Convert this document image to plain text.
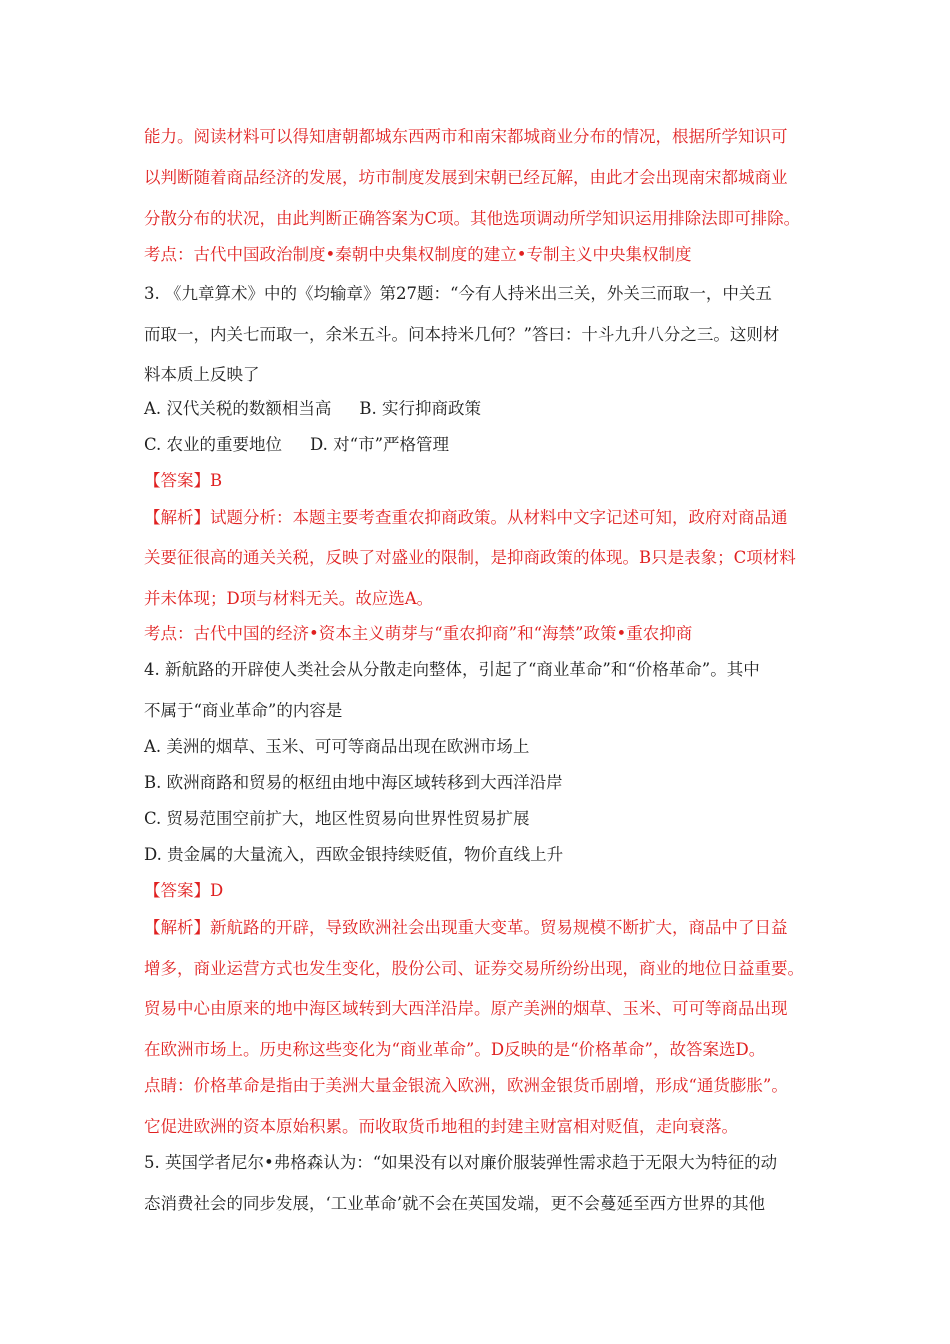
能力。阅读材料可以得知唐朝都城东西两市和南宋都城商业分布的情况，根据所学知识可
以判断随着商品经济的发展，坊市制度发展到宋朝已经瓦解，由此才会出现南宋都城商业
分散分布的状况，由此判断正确答案为C项。其他选项调动所学知识运用排除法即可排除。
考点：古代中国政治制度•秦朝中央集权制度的建立•专制主义中央集权制度
3. 《九章算术》中的《均输章》第27题：“今有人持米出三关，外关三而取一，中关五
而取一，内关七而取一，余米五斗。问本持米几何？”答曰：十斗九升八分之三。这则材
料本质上反映了
A. 汉代关税的数额相当高 B. 实行抑商政策
C. 农业的重要地位 D. 对“市”严格管理
【答案】B
【解析】试题分析：本题主要考查重农抑商政策。从材料中文字记述可知，政府对商品通
关要征很高的通关关税，反映了对盛业的限制，是抑商政策的体现。B只是表象；C项材料
并未体现；D项与材料无关。故应选A。
考点：古代中国的经济•资本主义萌芽与“重农抑商”和“海禁”政策•重农抑商
4. 新航路的开辟使人类社会从分散走向整体，引起了“商业革命”和“价格革命”。其中
不属于“商业革命”的内容是
A. 美洲的烟草、玉米、可可等商品出现在欧洲市场上
B. 欧洲商路和贸易的枢纽由地中海区域转移到大西洋沿岸
C. 贸易范围空前扩大，地区性贸易向世界性贸易扩展
D. 贵金属的大量流入，西欧金银持续贬值，物价直线上升
【答案】D
【解析】新航路的开辟，导致欧洲社会出现重大变革。贸易规模不断扩大，商品中了日益
增多，商业运营方式也发生变化，股份公司、证券交易所纷纷出现，商业的地位日益重要。
贸易中心由原来的地中海区域转到大西洋沿岸。原产美洲的烟草、玉米、可可等商品出现
在欧洲市场上。历史称这些变化为“商业革命”。D反映的是“价格革命”，故答案选D。
点睛：价格革命是指由于美洲大量金银流入欧洲，欧洲金银货币剧增，形成“通货膨胀”。
它促进欧洲的资本原始积累。而收取货币地租的封建主财富相对贬值，走向衰落。
5. 英国学者尼尔•弗格森认为：“如果没有以对廉价服装弹性需求趋于无限大为特征的动
态消费社会的同步发展，‘工业革命’就不会在英国发端，更不会蔓延至西方世界的其他
